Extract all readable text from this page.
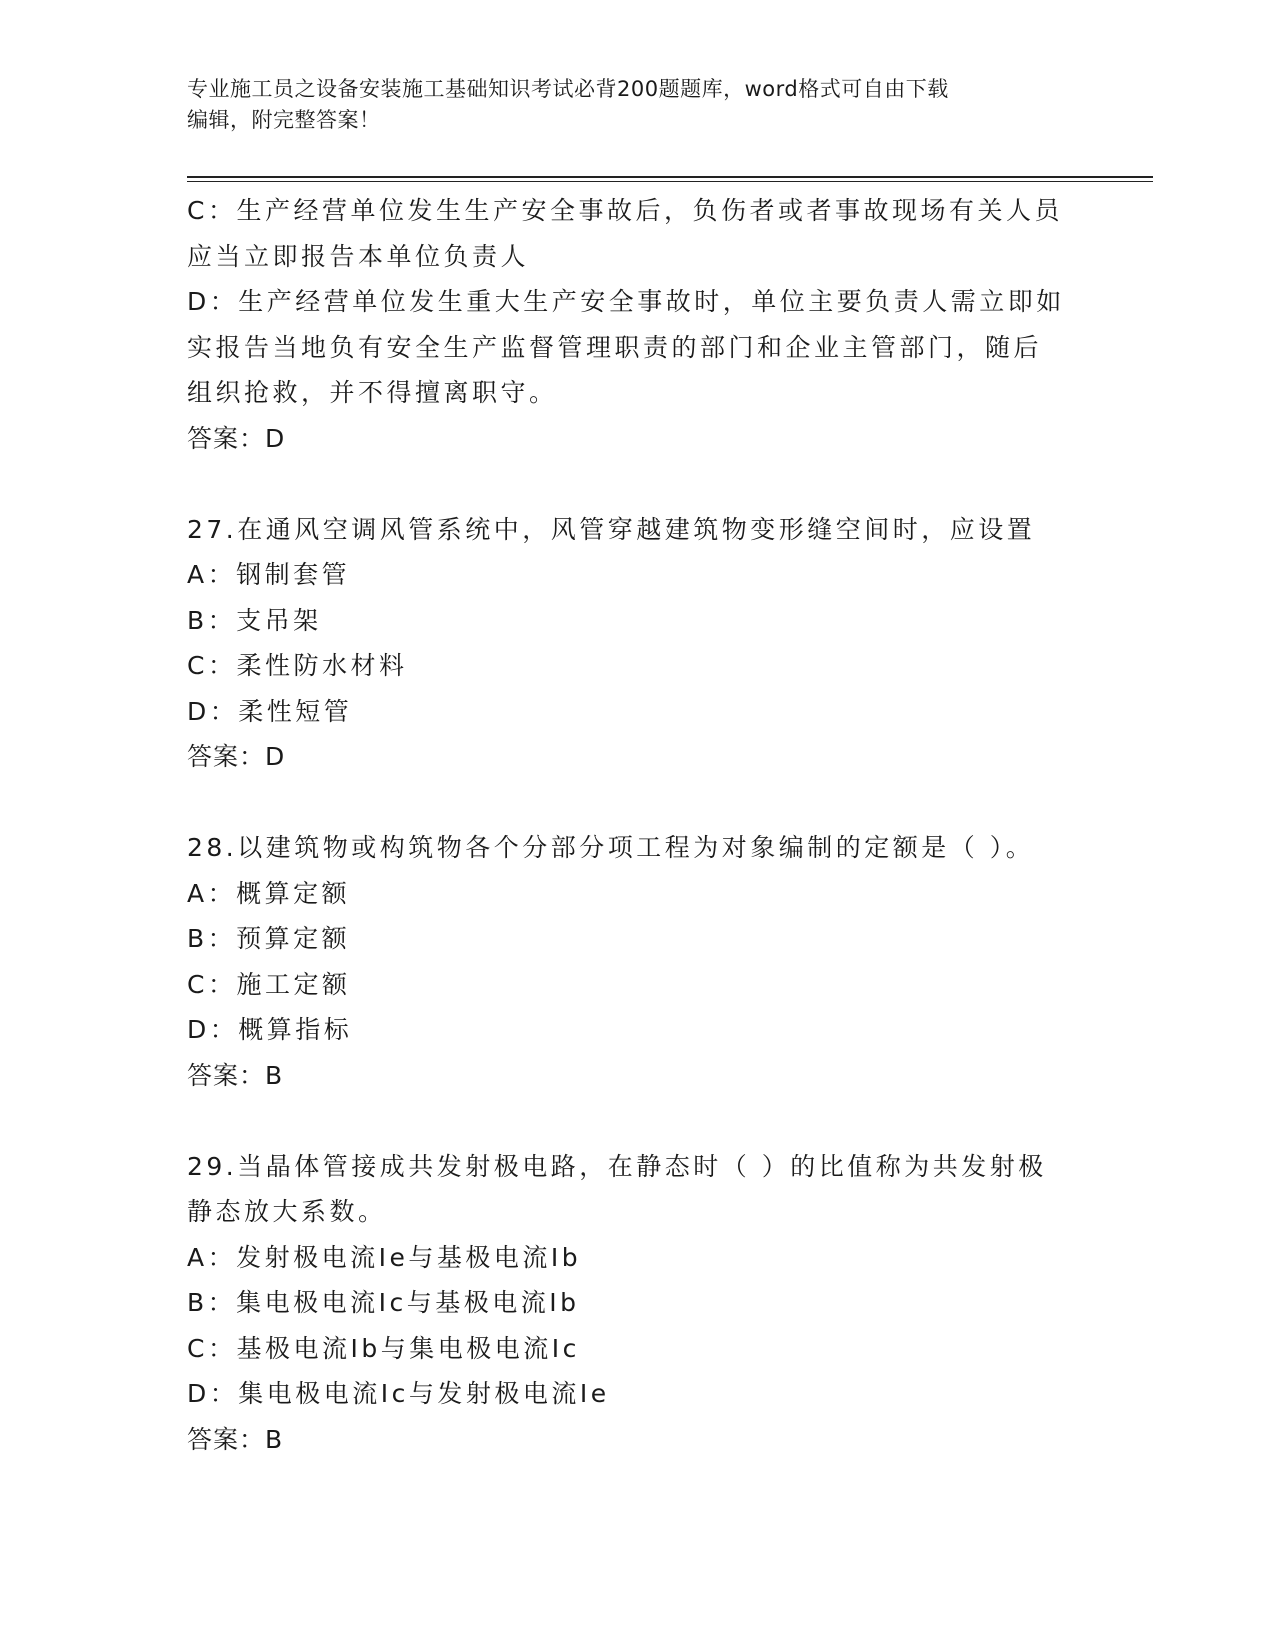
专业施工员之设备安装施工基础知识考试必背200题题库，word格式可自由下载
编辑，附完整答案！
C：生产经营单位发生生产安全事故后，负伤者或者事故现场有关人员
应当立即报告本单位负责人
D：生产经营单位发生重大生产安全事故时，单位主要负责人需立即如
实报告当地负有安全生产监督管理职责的部门和企业主管部门，随后
组织抢救，并不得擅离职守。
答案：D
27.在通风空调风管系统中，风管穿越建筑物变形缝空间时，应设置
A：钢制套管
B：支吊架
C：柔性防水材料
D：柔性短管
答案：D
28.以建筑物或构筑物各个分部分项工程为对象编制的定额是（ ）。
A：概算定额
B：预算定额
C：施工定额
D：概算指标
答案：B
29.当晶体管接成共发射极电路，在静态时（ ）的比值称为共发射极
静态放大系数。
A：发射极电流Ie与基极电流Ib
B：集电极电流Ic与基极电流Ib
C：基极电流Ib与集电极电流Ic
D：集电极电流Ic与发射极电流Ie
答案：B
